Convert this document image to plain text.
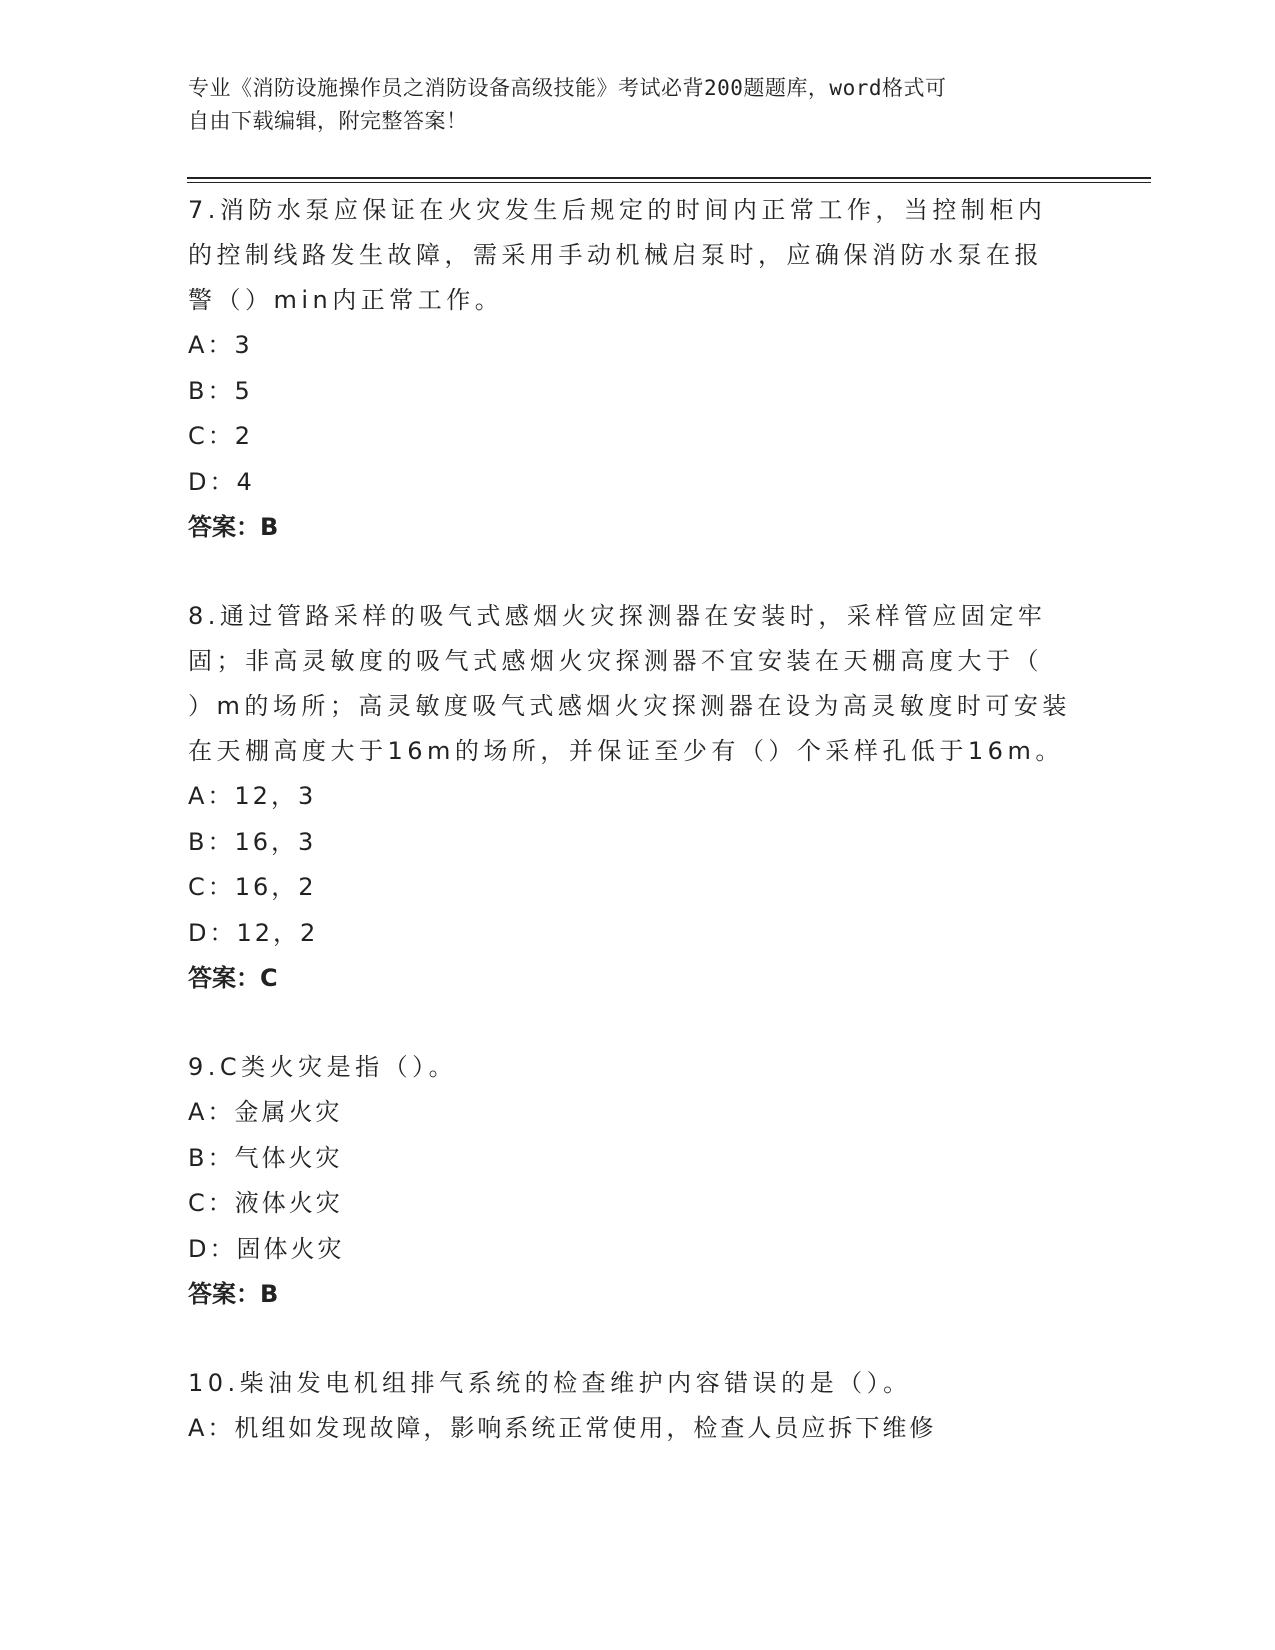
专业《消防设施操作员之消防设备高级技能》考试必背200题题库，word格式可
自由下载编辑，附完整答案！

7.消防水泵应保证在火灾发生后规定的时间内正常工作，当控制柜内

的控制线路发生故障，需采用手动机械启泵时，应确保消防水泵在报

警（）min内正常工作。

A：3

B：5

C：2

D：4

答案：B

8.通过管路采样的吸气式感烟火灾探测器在安装时，采样管应固定牢

固；非高灵敏度的吸气式感烟火灾探测器不宜安装在天棚高度大于（

）m的场所；高灵敏度吸气式感烟火灾探测器在设为高灵敏度时可安装

在天棚高度大于16m的场所，并保证至少有（）个采样孔低于16m。

A：12，3

B：16，3

C：16，2

D：12，2

答案：C

9.C类火灾是指（）。

A：金属火灾

B：气体火灾

C：液体火灾

D：固体火灾

答案：B

10.柴油发电机组排气系统的检查维护内容错误的是（）。

A：机组如发现故障，影响系统正常使用，检查人员应拆下维修
